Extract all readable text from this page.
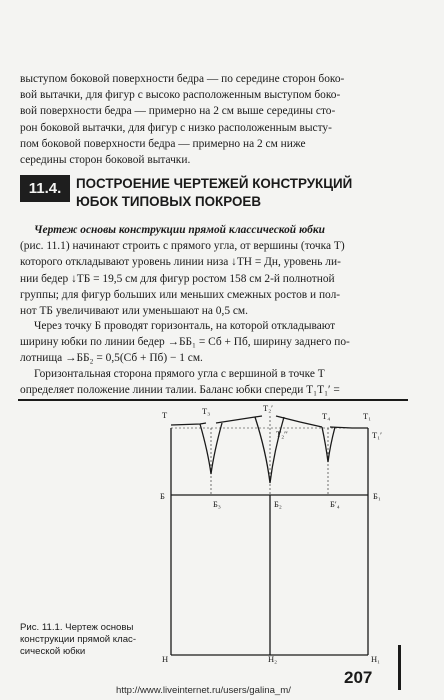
выступом боковой поверхности бедра — по середине сторон боко-
вой вытачки, для фигур с высоко расположенным выступом боко-
вой поверхности бедра — примерно на 2 см выше середины сто-
рон боковой вытачки, для фигур с низко расположенным высту-
пом боковой поверхности бедра — примерно на 2 см ниже
середины сторон боковой вытачки.
11.4.	ПОСТРОЕНИЕ ЧЕРТЕЖЕЙ КОНСТРУКЦИЙ
ЮБОК ТИПОВЫХ ПОКРОЕВ
Чертеж основы конструкции прямой классической юбки
(рис. 11.1) начинают строить с прямого угла, от вершины (точка Т)
которого откладывают уровень линии низа ↓ТН = Дн, уровень ли-
нии бедер ↓ТБ = 19,5 см для фигур ростом 158 см 2-й полнотной
группы; для фигур больших или меньших смежных ростов и пол-
нот ТБ увеличивают или уменьшают на 0,5 см.
Через точку Б проводят горизонталь, на которой откладывают
ширину юбки по линии бедер →ББ₁ = Сб + Пб, ширину заднего по-
лотнища →ББ₂ = 0,5(Сб + Пб) − 1 см.
Горизонтальная сторона прямого угла с вершиной в точке Т
определяет положение линии талии. Баланс юбки спереди Т₁Т₁′ =
Т	Т₃	Т₂′
Т₄	Т₁
Т₂′′	Т₁′
Б
Б₃	Б₂	Б′₄
Б₁
Н	Н₂	Н₁
Рис. 11.1. Чертеж основы
конструкции прямой клас-
сической юбки
207
http://www.liveinternet.ru/users/galina_m/
